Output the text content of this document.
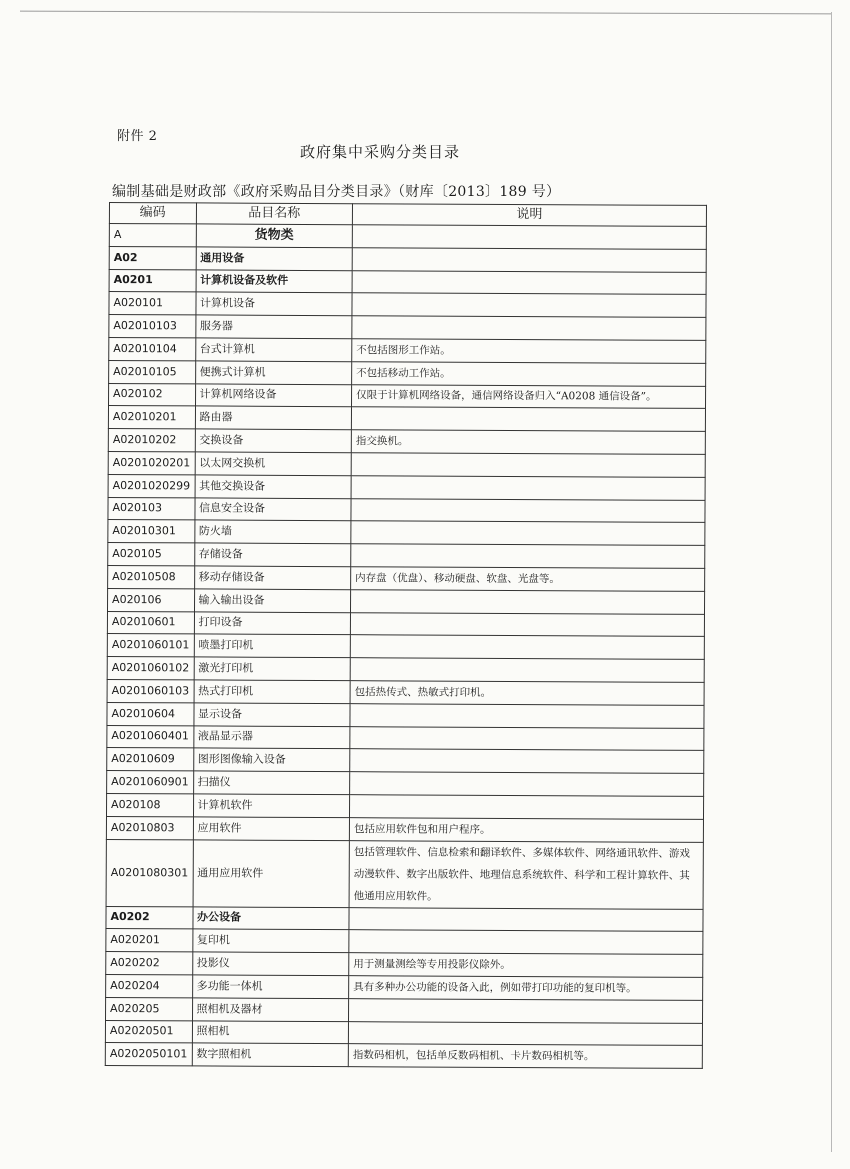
附件 2
政府集中采购分类目录
编制基础是财政部《政府采购品目分类目录》（财库〔2013〕189 号）
编码	品目名称	说明
A	货物类	
A02	通用设备	
A0201	计算机设备及软件	
A020101	计算机设备	
A02010103	服务器	
A02010104	台式计算机	不包括图形工作站。
A02010105	便携式计算机	不包括移动工作站。
A020102	计算机网络设备	仅限于计算机网络设备，通信网络设备归入“A0208 通信设备”。
A02010201	路由器	
A02010202	交换设备	指交换机。
A0201020201	以太网交换机	
A0201020299	其他交换设备	
A020103	信息安全设备	
A02010301	防火墙	
A020105	存储设备	
A02010508	移动存储设备	内存盘（优盘）、移动硬盘、软盘、光盘等。
A020106	输入输出设备	
A02010601	打印设备	
A0201060101	喷墨打印机	
A0201060102	激光打印机	
A0201060103	热式打印机	包括热传式、热敏式打印机。
A02010604	显示设备	
A0201060401	液晶显示器	
A02010609	图形图像输入设备	
A0201060901	扫描仪	
A020108	计算机软件	
A02010803	应用软件	包括应用软件包和用户程序。
A0201080301	通用应用软件	包括管理软件、信息检索和翻译软件、多媒体软件、网络通讯软件、游戏动漫软件、数字出版软件、地理信息系统软件、科学和工程计算软件、其他通用应用软件。
A0202	办公设备	
A020201	复印机	
A020202	投影仪	用于测量测绘等专用投影仪除外。
A020204	多功能一体机	具有多种办公功能的设备入此，例如带打印功能的复印机等。
A020205	照相机及器材	
A02020501	照相机	
A0202050101	数字照相机	指数码相机，包括单反数码相机、卡片数码相机等。
